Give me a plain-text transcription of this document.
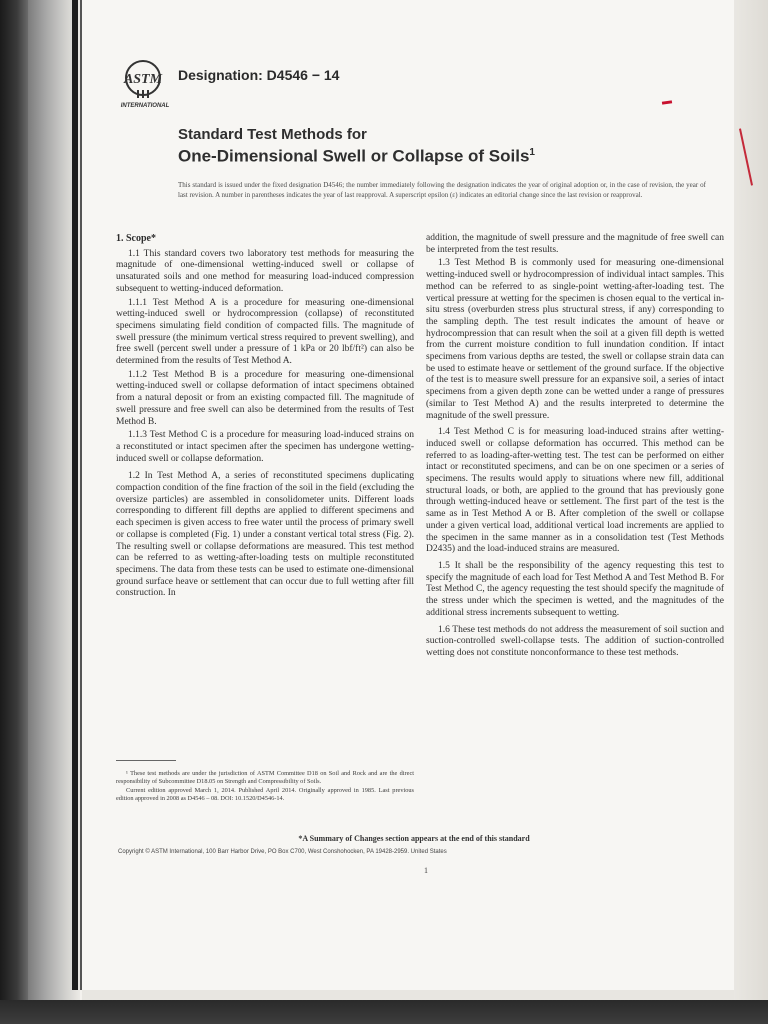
ASTM
INTERNATIONAL
Designation: D4546 − 14
Standard Test Methods for
One-Dimensional Swell or Collapse of Soils$^1$
This standard is issued under the fixed designation D4546; the number immediately following the designation indicates the year of original adoption or, in the case of revision, the year of last revision. A number in parentheses indicates the year of last reapproval. A superscript epsilon (ε) indicates an editorial change since the last revision or reapproval.
1. Scope*

1.1 This standard covers two laboratory test methods for measuring the magnitude of one-dimensional wetting-induced swell or collapse of unsaturated soils and one method for measuring load-induced compression subsequent to wetting-induced deformation.

1.1.1 Test Method A is a procedure for measuring one-dimensional wetting-induced swell or hydrocompression (collapse) of reconstituted specimens simulating field condition of compacted fills. The magnitude of swell pressure (the minimum vertical stress required to prevent swelling), and free swell (percent swell under a pressure of 1 kPa or 20 lbf/ft²) can also be determined from the results of Test Method A.

1.1.2 Test Method B is a procedure for measuring one-dimensional wetting-induced swell or collapse deformation of intact specimens obtained from a natural deposit or from an existing compacted fill. The magnitude of swell pressure and free swell can also be determined from the results of Test Method B.

1.1.3 Test Method C is a procedure for measuring load-induced strains on a reconstituted or intact specimen after the specimen has undergone wetting-induced swell or collapse deformation.

1.2 In Test Method A, a series of reconstituted specimens duplicating compaction condition of the fine fraction of the soil in the field (excluding the oversize particles) are assembled in consolidometer units. Different loads corresponding to different fill depths are applied to different specimens and each specimen is given access to free water until the process of primary swell or collapse is completed (Fig. 1) under a constant vertical total stress (Fig. 2). The resulting swell or collapse deformations are measured. This test method can be referred to as wetting-after-loading tests on multiple reconstituted specimens. The data from these tests can be used to estimate one-dimensional ground surface heave or settlement that can occur due to full wetting after fill construction. In

addition, the magnitude of swell pressure and the magnitude of free swell can be interpreted from the test results.

1.3 Test Method B is commonly used for measuring one-dimensional wetting-induced swell or hydrocompression of individual intact samples. This method can be referred to as single-point wetting-after-loading test. The vertical pressure at wetting for the specimen is chosen equal to the vertical in-situ stress (overburden stress plus structural stress, if any) corresponding to the sampling depth. The test result indicates the amount of heave or hydrocompression that can result when the soil at a given fill depth is wetted from the current moisture condition to full inundation condition. If intact specimens from various depths are tested, the swell or collapse strain data can be used to estimate heave or settlement of the ground surface. If the objective of the test is to measure swell pressure for an expansive soil, a series of intact specimens from a given depth zone can be wetted under a range of pressures (similar to Test Method A) and the results interpreted to determine the magnitude of the swell pressure.

1.4 Test Method C is for measuring load-induced strains after wetting-induced swell or collapse deformation has occurred. This method can be referred to as loading-after-wetting test. The test can be performed on either intact or reconstituted specimens, and can be on one specimen or a series of specimens. The results would apply to situations where new fill, additional structural loads, or both, are applied to the ground that has previously gone through wetting-induced heave or settlement. The first part of the test is the same as in Test Method A or B. After completion of the swell or collapse under a given vertical load, additional vertical load increments are applied to the specimen in the same manner as in a consolidation test (Test Methods D2435) and the load-induced strains are measured.

1.5 It shall be the responsibility of the agency requesting this test to specify the magnitude of each load for Test Method A and Test Method B. For Test Method C, the agency requesting the test should specify the magnitude of the stress under which the specimen is wetted, and the magnitudes of the additional stress increments subsequent to wetting.

1.6 These test methods do not address the measurement of soil suction and suction-controlled swell-collapse tests. The addition of suction-controlled wetting does not constitute nonconformance to these test methods.

¹ These test methods are under the jurisdiction of ASTM Committee D18 on Soil and Rock and are the direct responsibility of Subcommittee D18.05 on Strength and Compressibility of Soils.

Current edition approved March 1, 2014. Published April 2014. Originally approved in 1985. Last previous edition approved in 2008 as D4546 – 08. DOI: 10.1520/D4546-14.

*A Summary of Changes section appears at the end of this standard
Copyright © ASTM International, 100 Barr Harbor Drive, PO Box C700, West Conshohocken, PA 19428-2959. United States
1
